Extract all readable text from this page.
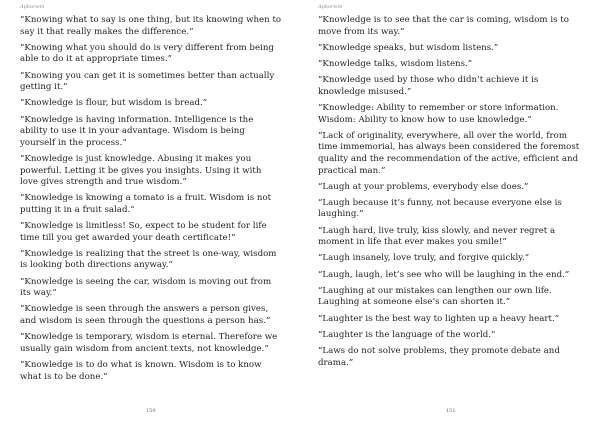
Aphorism
“Knowing what to say is one thing, but its knowing when to say it that really makes the difference.”
“Knowing what you should do is very different from being able to do it at appropriate times.”
“Knowing you can get it is sometimes better than actually getting it.”
“Knowledge is flour, but wisdom is bread.”
“Knowledge is having information. Intelligence is the ability to use it in your advantage. Wisdom is being yourself in the process.”
“Knowledge is just knowledge. Abusing it makes you powerful. Letting it be gives you insights. Using it with love gives strength and true wisdom.”
“Knowledge is knowing a tomato is a fruit. Wisdom is not putting it in a fruit salad.”
“Knowledge is limitless! So, expect to be student for life time till you get awarded your death certificate!”
“Knowledge is realizing that the street is one-way, wisdom is looking both directions anyway.”
“Knowledge is seeing the car, wisdom is moving out from its way.”
“Knowledge is seen through the answers a person gives, and wisdom is seen through the questions a person has.”
“Knowledge is temporary, wisdom is eternal. Therefore we usually gain wisdom from ancient texts, not knowledge.”
“Knowledge is to do what is known. Wisdom is to know what is to be done.”
150
Aphorism
“Knowledge is to see that the car is coming, wisdom is to move from its way.”
“Knowledge speaks, but wisdom listens.”
“Knowledge talks, wisdom listens.”
“Knowledge used by those who didn’t achieve it is knowledge misused.”
“Knowledge: Ability to remember or store information. Wisdom: Ability to know how to use knowledge.”
“Lack of originality, everywhere, all over the world, from time immemorial, has always been considered the foremost quality and the recommendation of the active, efficient and practical man.”
“Laugh at your problems, everybody else does.”
“Laugh because it’s funny, not because everyone else is laughing.”
“Laugh hard, live truly, kiss slowly, and never regret a moment in life that ever makes you smile!”
“Laugh insanely, love truly, and forgive quickly.”
“Laugh, laugh, let’s see who will be laughing in the end.”
“Laughing at our mistakes can lengthen our own life. Laughing at someone else’s can shorten it.”
“Laughter is the best way to lighten up a heavy heart.”
“Laughter is the language of the world.”
“Laws do not solve problems, they promote debate and drama.”
151
